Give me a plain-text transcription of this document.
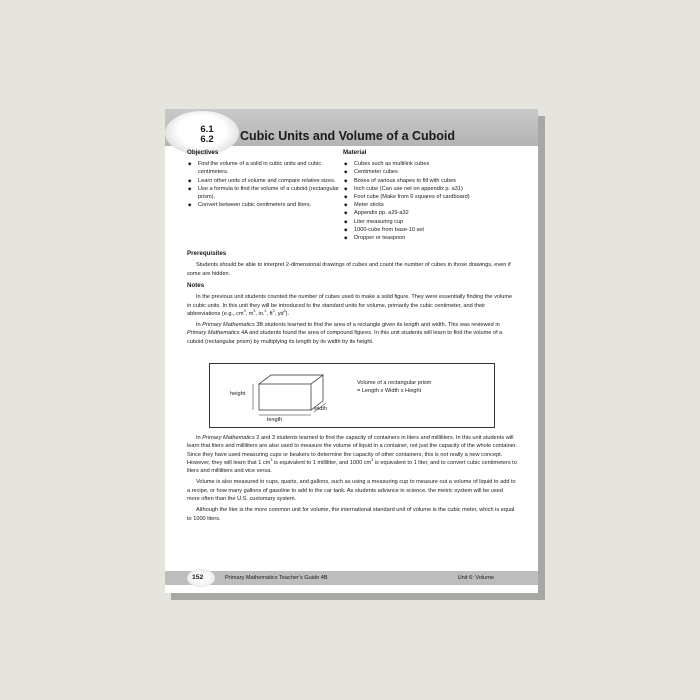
6.1
6.2	Cubic Units and Volume of a Cuboid
Objectives
◆ Find the volume of a solid in cubic units and cubic centimeters.
◆ Learn other units of volume and compare relative sizes.
◆ Use a formula to find the volume of a cuboid (rectangular prism).
◆ Convert between cubic centimeters and liters.
Material
◆ Cubes such as multilink cubes
◆ Centimeter cubes
◆ Boxes of various shapes to fill with cubes
◆ Inch cube (Can use net on appendix p. a31)
◆ Foot cube (Make from 6 squares of cardboard)
◆ Meter sticks
◆ Appendix pp. a29-a32
◆ Liter measuring cup
◆ 1000-cube from base-10 set
◆ Dropper or teaspoon
Prerequisites

Students should be able to interpret 2-dimensional drawings of cubes and count the number of cubes in those drawings, even if some are hidden.

Notes

In the previous unit students counted the number of cubes used to make a solid figure. They were essentially finding the volume in cubic units. In this unit they will be introduced to the standard units for volume, primarily the cubic centimeter, and their abbreviations (e.g., $cm^3$, $m^3$, in.$^3$, $ft^3$, $yd^3$).

In Primary Mathematics 3B students learned to find the area of a rectangle given its length and width. This was reviewed in Primary Mathematics 4A and students found the area of compound figures. In this unit students will learn to find the volume of a cuboid (rectangular prism) by multiplying its length by its width by its height.

height
length
width
Volume of a rectangular prism
= Length x Width x Height

In Primary Mathematics 2 and 3 students learned to find the capacity of containers in liters and milliliters. In this unit students will learn that liters and milliliters are also used to measure the volume of liquid in a container, not just the capacity of the whole container. Since they have used measuring cups or beakers to determine the capacity of other containers, this is not really a new concept. However, they will learn that 1 $cm^3$ is equivalent to 1 milliliter, and 1000 $cm^3$ is equivalent to 1 liter, and to convert cubic centimeters to liters and milliliters and vice versa.

Volume is also measured in cups, quarts, and gallons, such as using a measuring cup to measure out a volume of liquid to add to a recipe, or how many gallons of gasoline to add to the car tank. As students advance in science, the metric system will be used more often than the U.S. customary system.

Although the liter is the more common unit for volume, the international standard unit of volume is the cubic meter, which is equal to 1000 liters.

152	Primary Mathematics Teacher's Guide 4B	Unit 6: Volume
